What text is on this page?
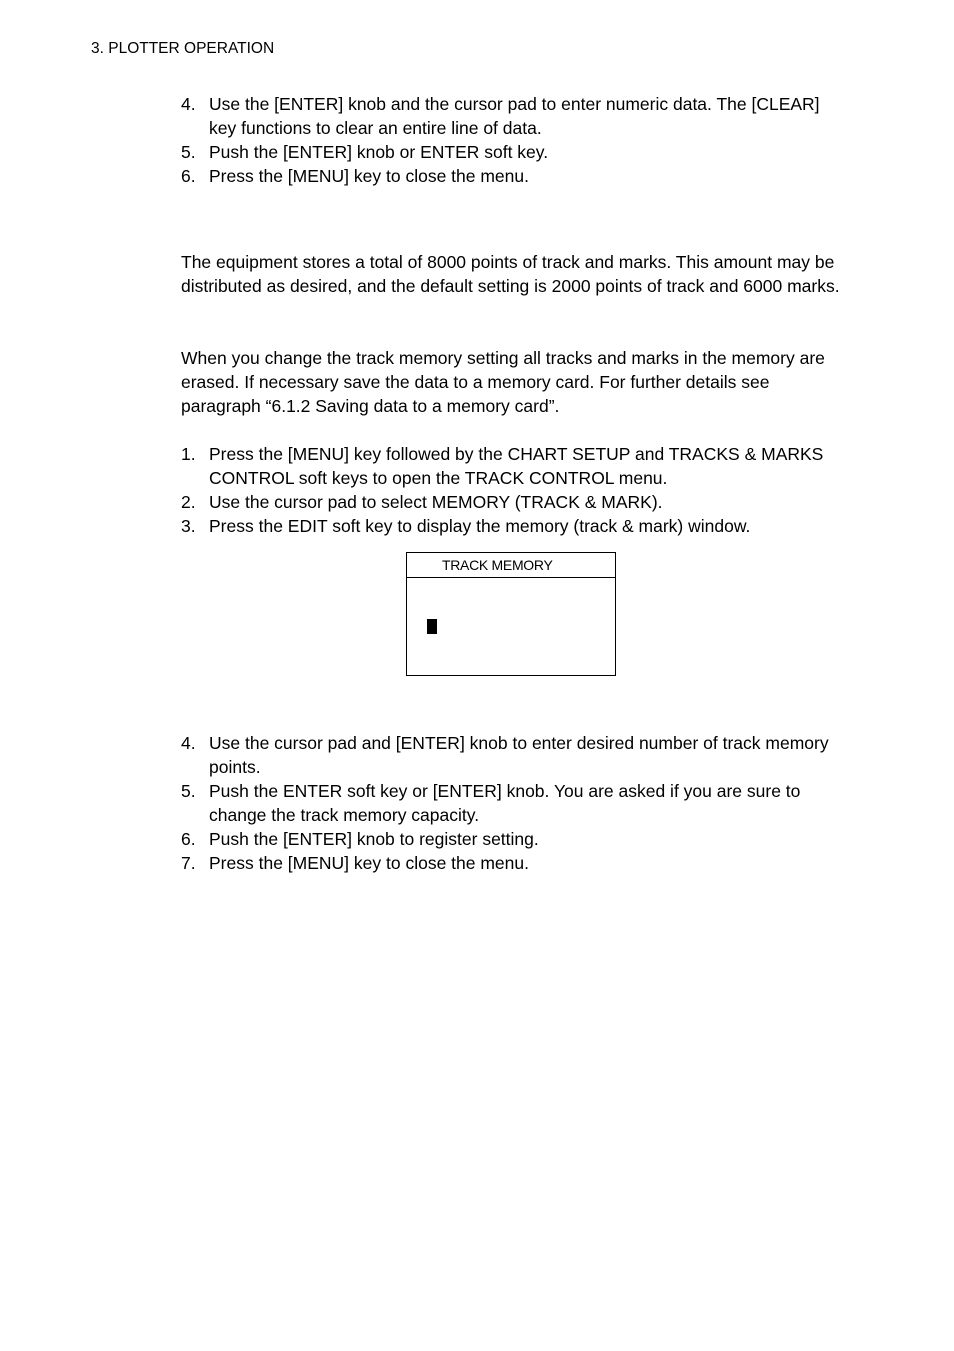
3. PLOTTER OPERATION
4. Use the [ENTER] knob and the cursor pad to enter numeric data. The [CLEAR] key functions to clear an entire line of data.
5. Push the [ENTER] knob or ENTER soft key.
6. Press the [MENU] key to close the menu.

The equipment stores a total of 8000 points of track and marks. This amount may be distributed as desired, and the default setting is 2000 points of track and 6000 marks.

When you change the track memory setting all tracks and marks in the memory are erased. If necessary save the data to a memory card. For further details see paragraph “6.1.2 Saving data to a memory card”.

1. Press the [MENU] key followed by the CHART SETUP and TRACKS & MARKS CONTROL soft keys to open the TRACK CONTROL menu.
2. Use the cursor pad to select MEMORY (TRACK & MARK).
3. Press the EDIT soft key to display the memory (track & mark) window.
TRACK MEMORY
4. Use the cursor pad and [ENTER] knob to enter desired number of track memory points.
5. Push the ENTER soft key or [ENTER] knob. You are asked if you are sure to change the track memory capacity.
6. Push the [ENTER] knob to register setting.
7. Press the [MENU] key to close the menu.
